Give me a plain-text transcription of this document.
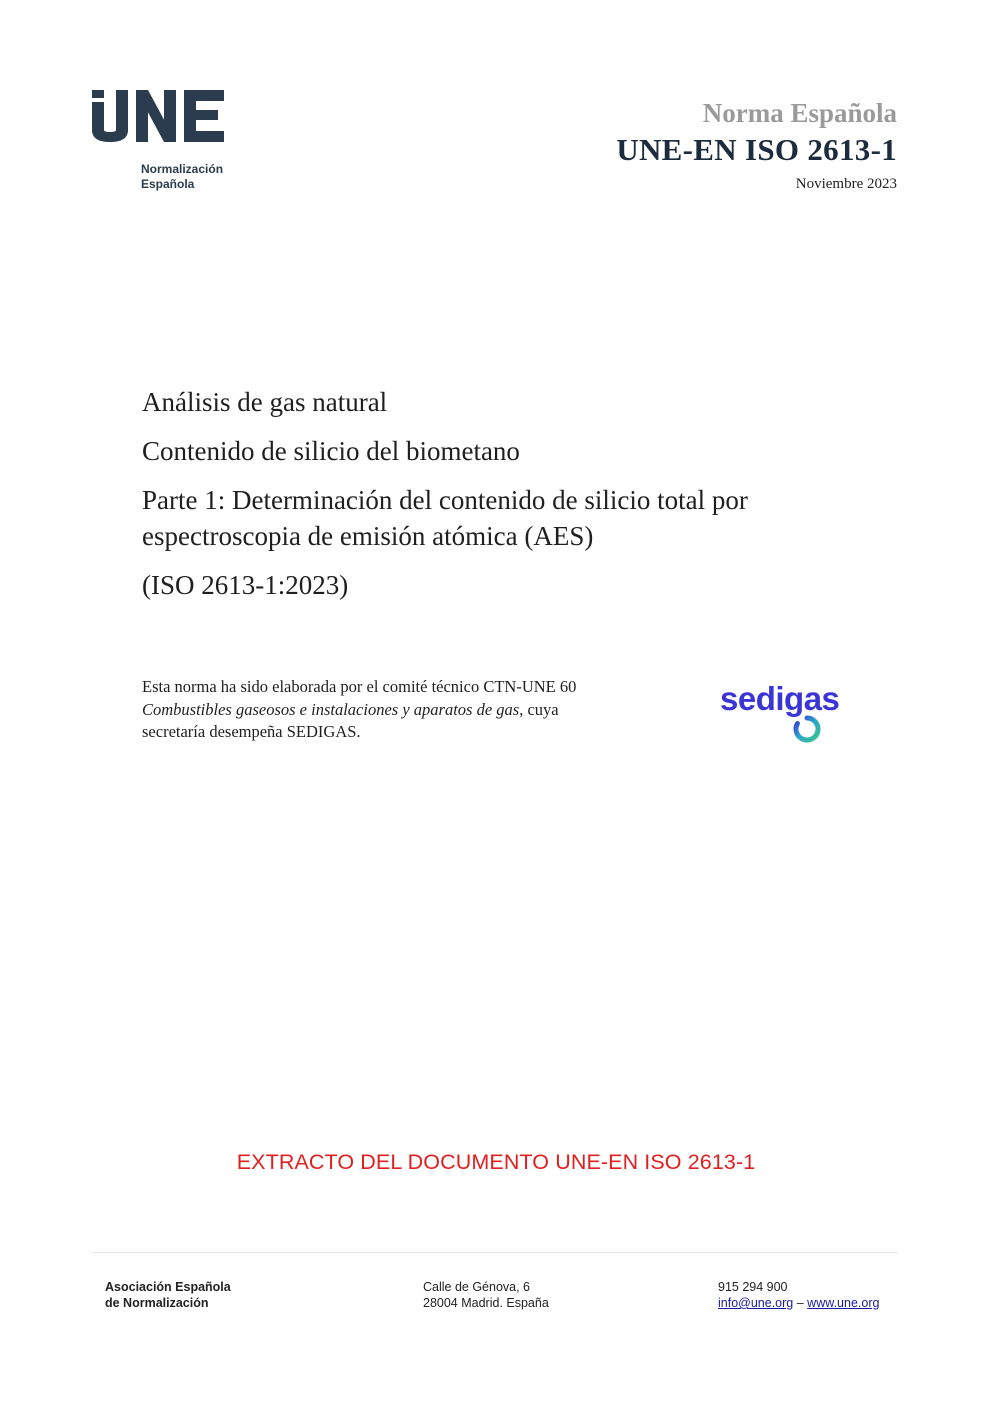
Normalización
Española
Norma Española
UNE-EN ISO 2613-1
Noviembre 2023
Análisis de gas natural
Contenido de silicio del biometano
Parte 1: Determinación del contenido de silicio total por espectroscopia de emisión atómica (AES)
(ISO 2613-1:2023)
Esta norma ha sido elaborada por el comité técnico CTN-UNE 60 Combustibles gaseosos e instalaciones y aparatos de gas, cuya secretaría desempeña SEDIGAS.
sedigas
EXTRACTO DEL DOCUMENTO UNE-EN ISO 2613-1
Asociación Española
de Normalización
Calle de Génova, 6
28004 Madrid. España
915 294 900
info@une.org – www.une.org
